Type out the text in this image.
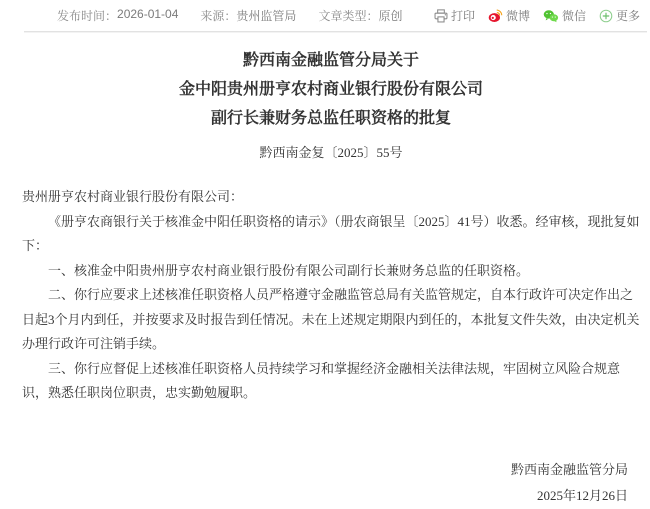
发布时间： 2026-01-04 来源： 贵州监管局 文章类型： 原创	打印	微博	微信	更多
黔西南金融监管分局关于
金中阳贵州册亨农村商业银行股份有限公司
副行长兼财务总监任职资格的批复
黔西南金复〔2025〕55号

贵州册亨农村商业银行股份有限公司：

《册亨农商银行关于核准金中阳任职资格的请示》（册农商银呈〔2025〕41号）收悉。经审核，现批复如下：

一、核准金中阳贵州册亨农村商业银行股份有限公司副行长兼财务总监的任职资格。

二、你行应要求上述核准任职资格人员严格遵守金融监管总局有关监管规定，自本行政许可决定作出之日起3个月内到任，并按要求及时报告到任情况。未在上述规定期限内到任的，本批复文件失效，由决定机关办理行政许可注销手续。

三、你行应督促上述核准任职资格人员持续学习和掌握经济金融相关法律法规，牢固树立风险合规意识，熟悉任职岗位职责，忠实勤勉履职。

黔西南金融监管分局
2025年12月26日
